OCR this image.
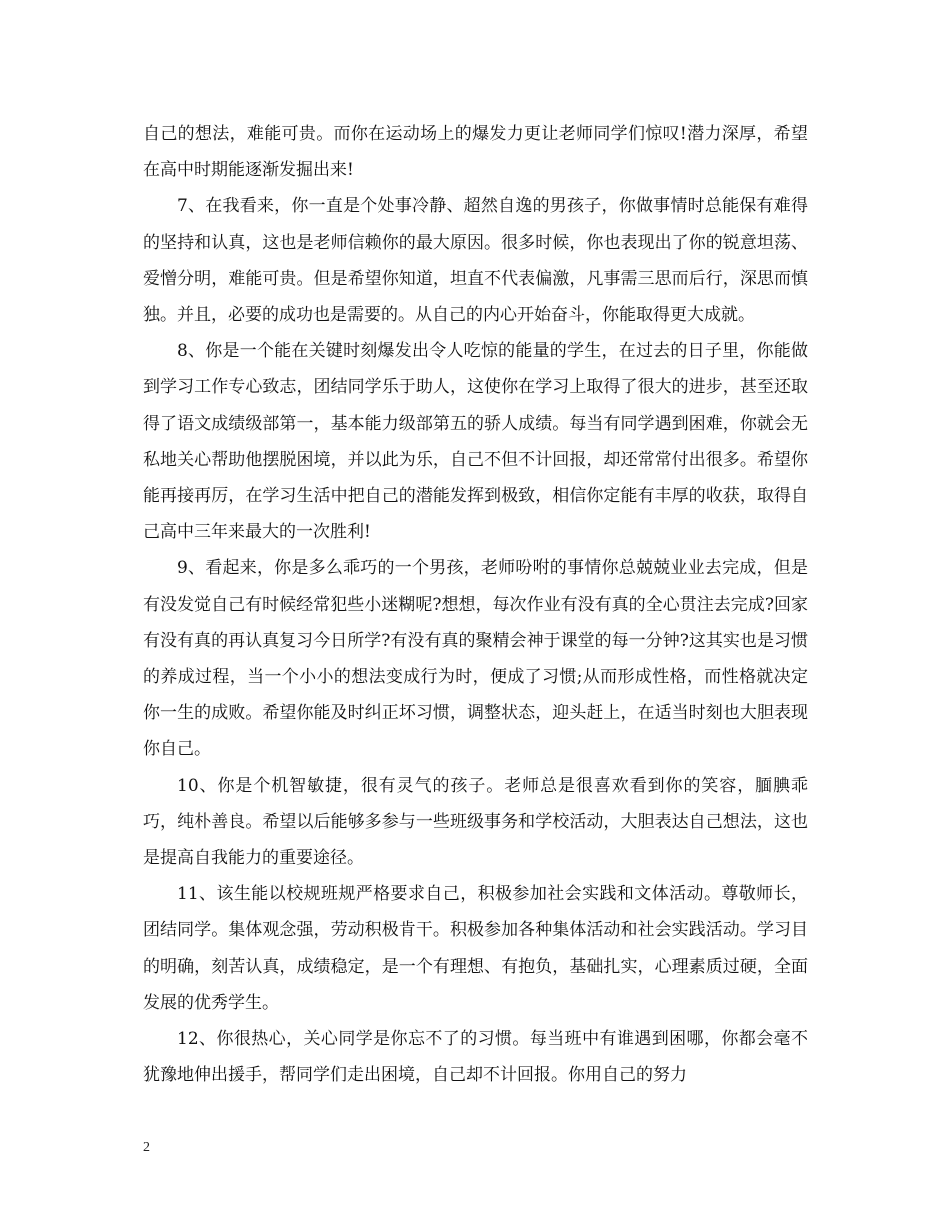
自己的想法，难能可贵。而你在运动场上的爆发力更让老师同学们惊叹!潜力深厚，希望在高中时期能逐渐发掘出来!

7、在我看来，你一直是个处事冷静、超然自逸的男孩子，你做事情时总能保有难得的坚持和认真，这也是老师信赖你的最大原因。很多时候，你也表现出了你的锐意坦荡、爱憎分明，难能可贵。但是希望你知道，坦直不代表偏激，凡事需三思而后行，深思而慎独。并且，必要的成功也是需要的。从自己的内心开始奋斗，你能取得更大成就。

8、你是一个能在关键时刻爆发出令人吃惊的能量的学生，在过去的日子里，你能做到学习工作专心致志，团结同学乐于助人，这使你在学习上取得了很大的进步，甚至还取得了语文成绩级部第一，基本能力级部第五的骄人成绩。每当有同学遇到困难，你就会无私地关心帮助他摆脱困境，并以此为乐，自己不但不计回报，却还常常付出很多。希望你能再接再厉，在学习生活中把自己的潜能发挥到极致，相信你定能有丰厚的收获，取得自己高中三年来最大的一次胜利!

9、看起来，你是多么乖巧的一个男孩，老师吩咐的事情你总兢兢业业去完成，但是有没发觉自己有时候经常犯些小迷糊呢?想想，每次作业有没有真的全心贯注去完成?回家有没有真的再认真复习今日所学?有没有真的聚精会神于课堂的每一分钟?这其实也是习惯的养成过程，当一个小小的想法变成行为时，便成了习惯;从而形成性格，而性格就决定你一生的成败。希望你能及时纠正坏习惯，调整状态，迎头赶上，在适当时刻也大胆表现你自己。

10、你是个机智敏捷，很有灵气的孩子。老师总是很喜欢看到你的笑容，腼腆乖巧，纯朴善良。希望以后能够多参与一些班级事务和学校活动，大胆表达自己想法，这也是提高自我能力的重要途径。

11、该生能以校规班规严格要求自己，积极参加社会实践和文体活动。尊敬师长，团结同学。集体观念强，劳动积极肯干。积极参加各种集体活动和社会实践活动。学习目的明确，刻苦认真，成绩稳定，是一个有理想、有抱负，基础扎实，心理素质过硬，全面发展的优秀学生。

12、你很热心，关心同学是你忘不了的习惯。每当班中有谁遇到困哪，你都会毫不犹豫地伸出援手，帮同学们走出困境，自己却不计回报。你用自己的努力

2
